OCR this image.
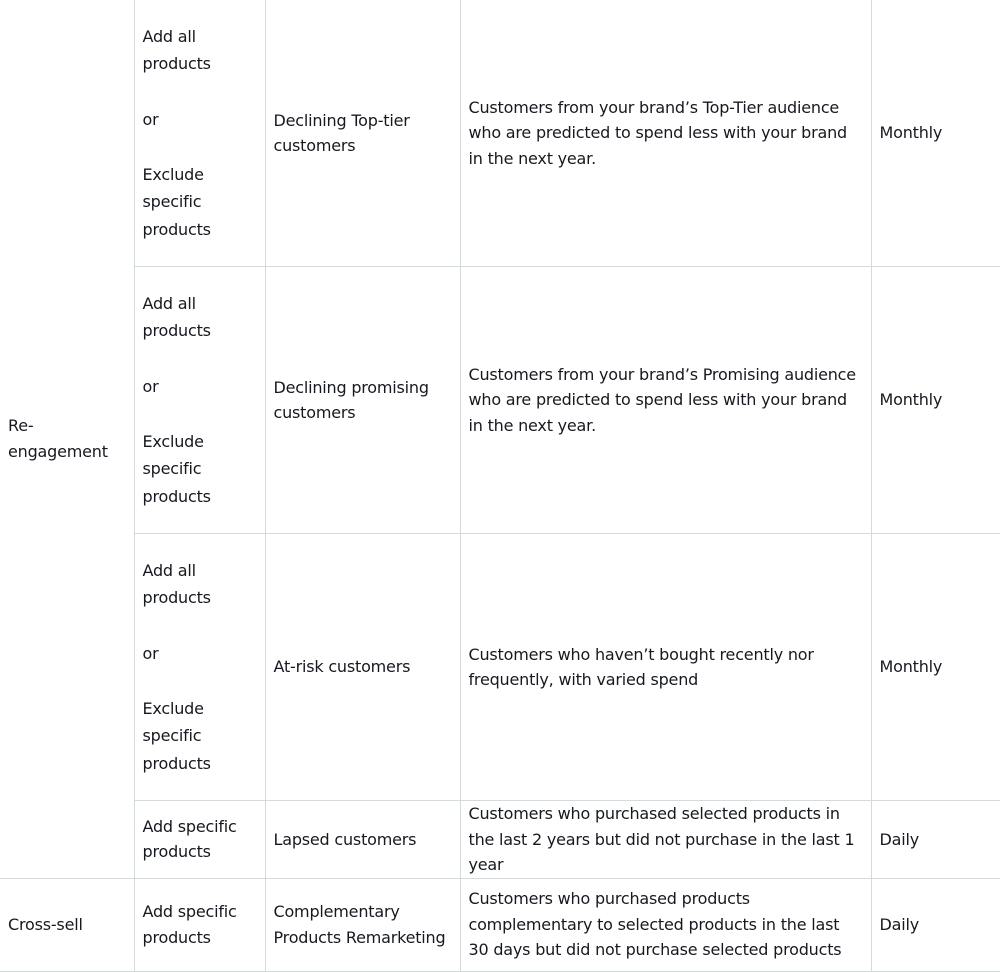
Re-engagement	Add all products
or
Exclude specific products	Declining Top-tier customers	Customers from your brand’s Top-Tier audience who are predicted to spend less with your brand in the next year.	Monthly

	Add all products
or
Exclude specific products	Declining promising customers	Customers from your brand’s Promising audience who are predicted to spend less with your brand in the next year.	Monthly

	Add all products
or
Exclude specific products	At-risk customers	Customers who haven’t bought recently nor frequently, with varied spend	Monthly
	Add specific products	Lapsed customers	Customers who purchased selected products in the last 2 years but did not purchase in the last 1 year	Daily
Cross-sell	Add specific products	Complementary Products Remarketing	Customers who purchased products complementary to selected products in the last 30 days but did not purchase selected products	Daily
